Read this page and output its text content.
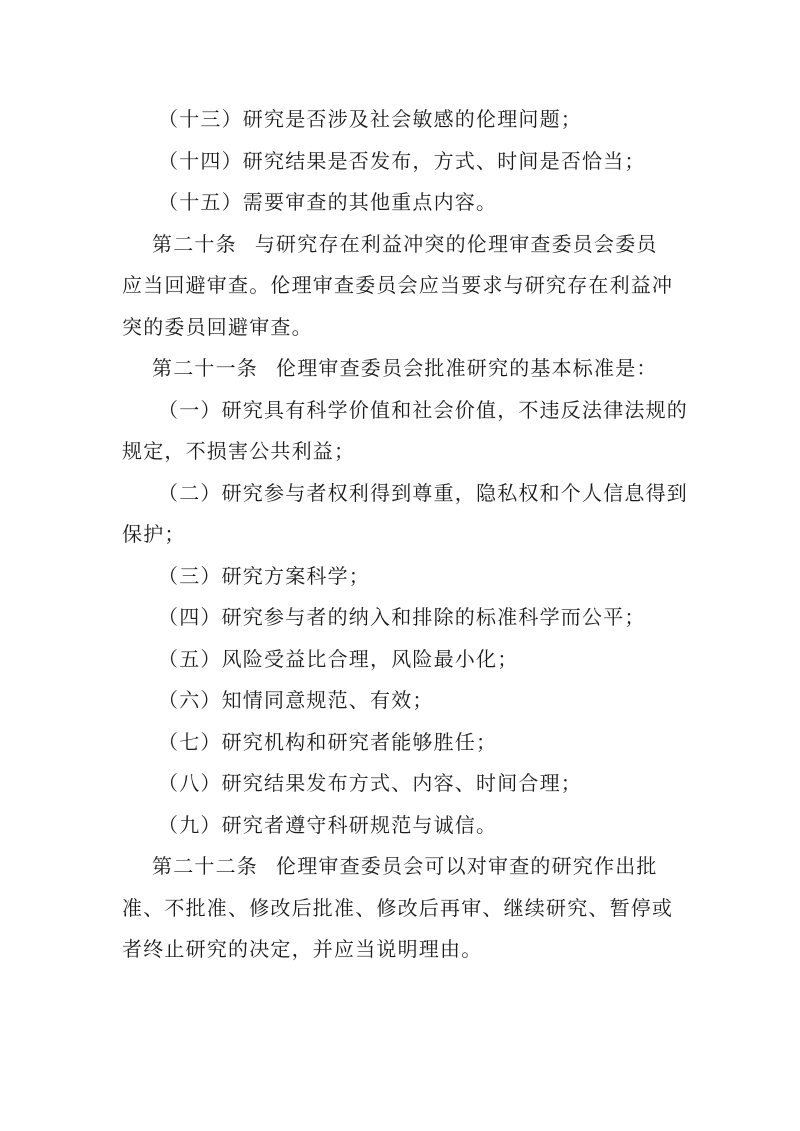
（十三）研究是否涉及社会敏感的伦理问题；
（十四）研究结果是否发布，方式、时间是否恰当；
（十五）需要审查的其他重点内容。
第二十条 与研究存在利益冲突的伦理审查委员会委员
应当回避审查。伦理审查委员会应当要求与研究存在利益冲
突的委员回避审查。
第二十一条 伦理审查委员会批准研究的基本标准是：
（一）研究具有科学价值和社会价值，不违反法律法规的
规定，不损害公共利益；
（二）研究参与者权利得到尊重，隐私权和个人信息得到
保护；
（三）研究方案科学；
（四）研究参与者的纳入和排除的标准科学而公平；
（五）风险受益比合理，风险最小化；
（六）知情同意规范、有效；
（七）研究机构和研究者能够胜任；
（八）研究结果发布方式、内容、时间合理；
（九）研究者遵守科研规范与诚信。
第二十二条 伦理审查委员会可以对审查的研究作出批
准、不批准、修改后批准、修改后再审、继续研究、暂停或
者终止研究的决定，并应当说明理由。
